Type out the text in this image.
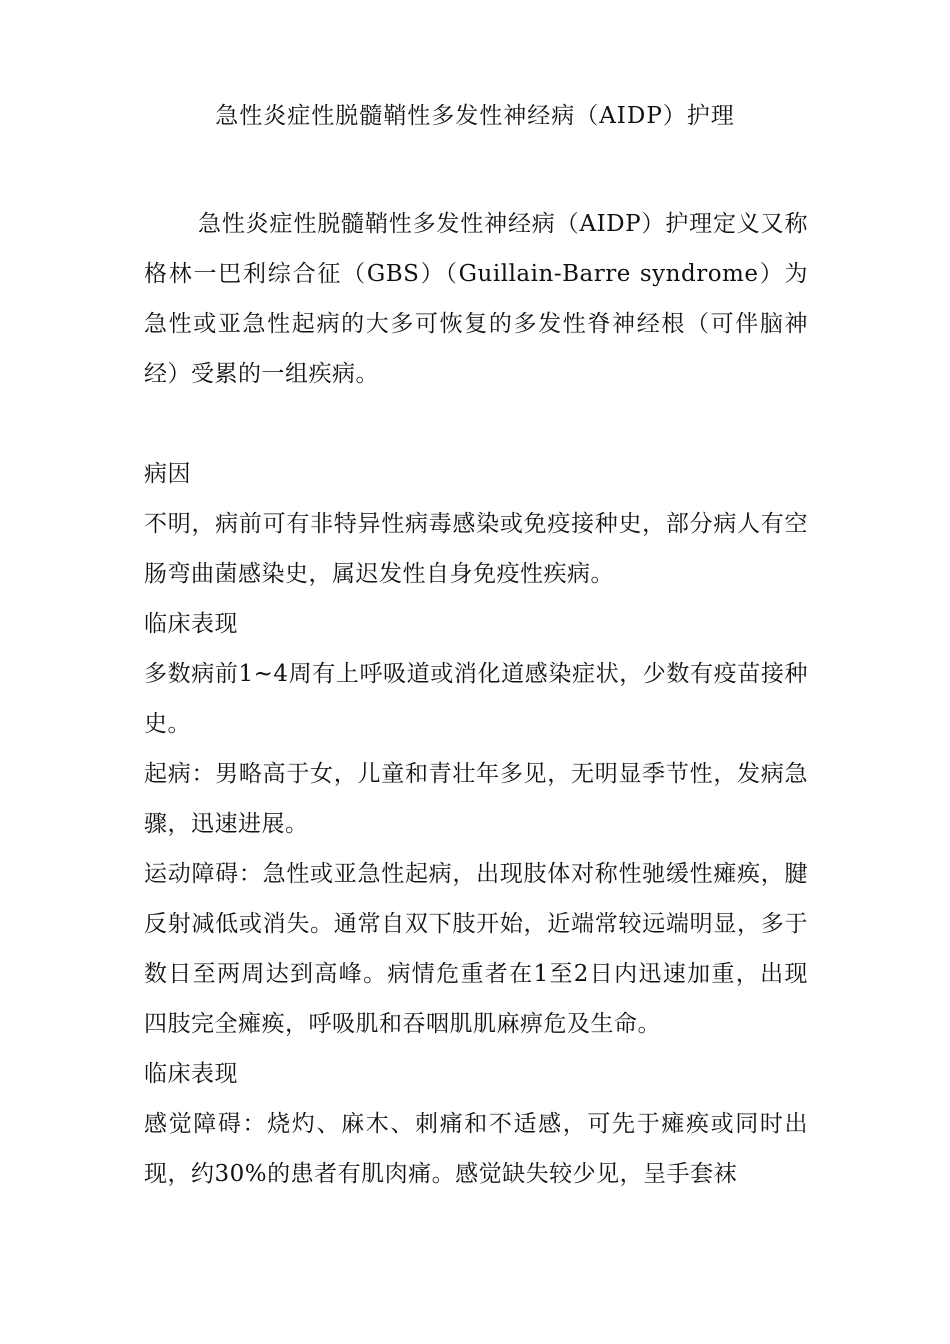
急性炎症性脱髓鞘性多发性神经病（AIDP）护理

急性炎症性脱髓鞘性多发性神经病（AIDP）护理定义又称格林一巴利综合征（GBS）（Guillain-Barre syndrome）为急性或亚急性起病的大多可恢复的多发性脊神经根（可伴脑神经）受累的一组疾病。

病因

不明，病前可有非特异性病毒感染或免疫接种史，部分病人有空肠弯曲菌感染史，属迟发性自身免疫性疾病。

临床表现

多数病前1~4周有上呼吸道或消化道感染症状，少数有疫苗接种史。

起病：男略高于女，儿童和青壮年多见，无明显季节性，发病急骤，迅速进展。

运动障碍：急性或亚急性起病，出现肢体对称性驰缓性瘫痪，腱反射减低或消失。通常自双下肢开始，近端常较远端明显，多于数日至两周达到高峰。病情危重者在1至2日内迅速加重，出现四肢完全瘫痪，呼吸肌和吞咽肌肌麻痹危及生命。

临床表现

感觉障碍：烧灼、麻木、刺痛和不适感，可先于瘫痪或同时出现，约30%的患者有肌肉痛。感觉缺失较少见，呈手套袜
